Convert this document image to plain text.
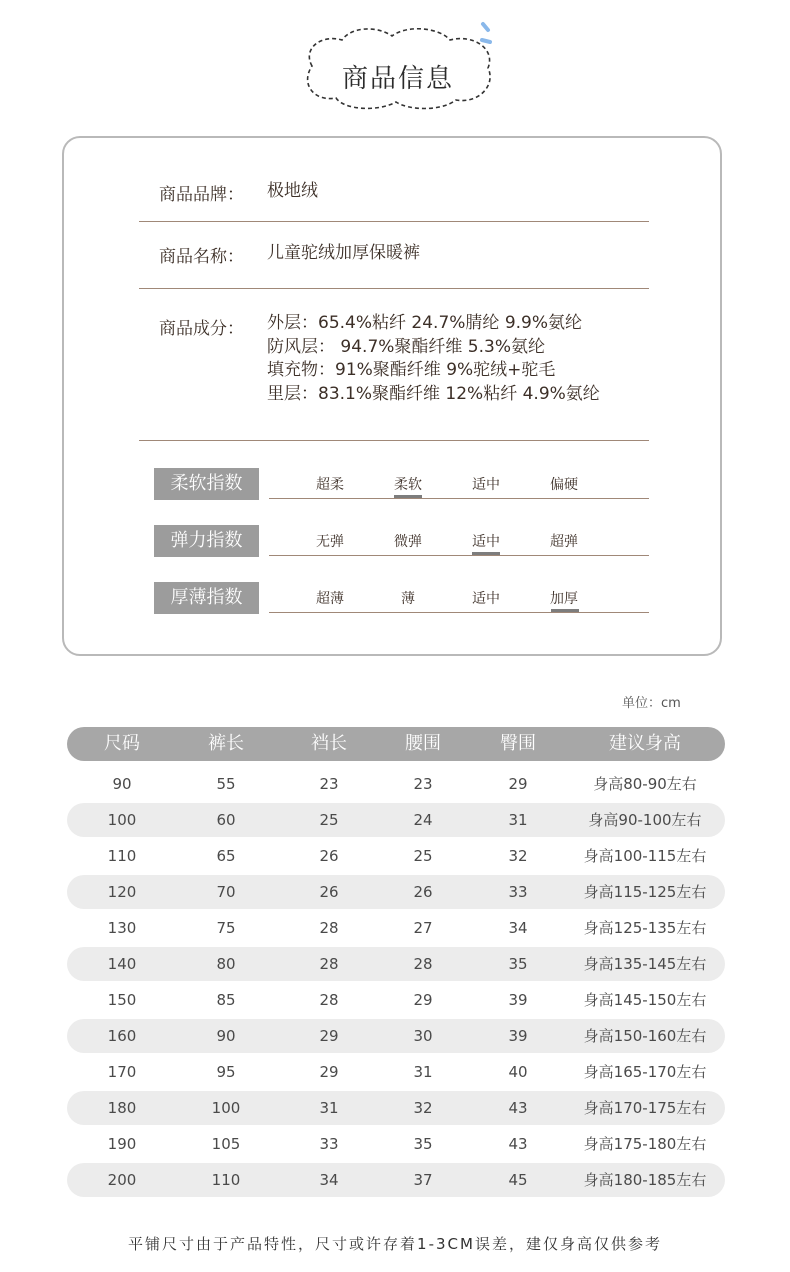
商品信息
商品品牌： 极地绒
商品名称： 儿童驼绒加厚保暖裤
商品成分： 外层：65.4%粘纤 24.7%腈纶 9.9%氨纶
防风层： 94.7%聚酯纤维 5.3%氨纶
填充物：91%聚酯纤维 9%驼绒+驼毛
里层：83.1%聚酯纤维 12%粘纤 4.9%氨纶
柔软指数	超柔	柔软	适中	偏硬
弹力指数	无弹	微弹	适中	超弹
厚薄指数	超薄	薄	适中	加厚
单位：cm
尺码	裤长	裆长	腰围	臀围	建议身高
90	55	23	23	29	身高80-90左右
100	60	25	24	31	身高90-100左右
110	65	26	25	32	身高100-115左右
120	70	26	26	33	身高115-125左右
130	75	28	27	34	身高125-135左右
140	80	28	28	35	身高135-145左右
150	85	28	29	39	身高145-150左右
160	90	29	30	39	身高150-160左右
170	95	29	31	40	身高165-170左右
180	100	31	32	43	身高170-175左右
190	105	33	35	43	身高175-180左右
200	110	34	37	45	身高180-185左右
平铺尺寸由于产品特性，尺寸或许存着1-3CM误差，建仅身高仅供参考
